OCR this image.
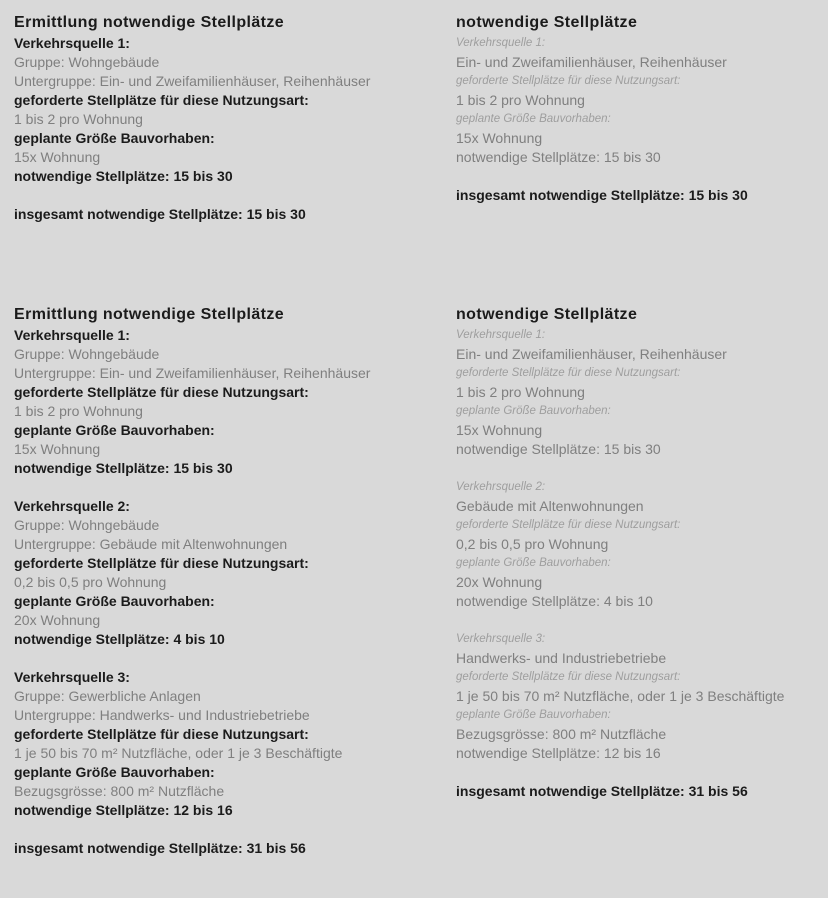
Ermittlung notwendige Stellplätze
Verkehrsquelle 1:
Gruppe: Wohngebäude
Untergruppe: Ein- und Zweifamilienhäuser, Reihenhäuser
geforderte Stellplätze für diese Nutzungsart:
1 bis 2 pro Wohnung
geplante Größe Bauvorhaben:
15x Wohnung
notwendige Stellplätze: 15 bis 30
insgesamt notwendige Stellplätze: 15 bis 30
notwendige Stellplätze
Verkehrsquelle 1:
Ein- und Zweifamilienhäuser, Reihenhäuser
geforderte Stellplätze für diese Nutzungsart:
1 bis 2 pro Wohnung
geplante Größe Bauvorhaben:
15x Wohnung
notwendige Stellplätze: 15 bis 30
insgesamt notwendige Stellplätze: 15 bis 30
Ermittlung notwendige Stellplätze
Verkehrsquelle 1:
Gruppe: Wohngebäude
Untergruppe: Ein- und Zweifamilienhäuser, Reihenhäuser
geforderte Stellplätze für diese Nutzungsart:
1 bis 2 pro Wohnung
geplante Größe Bauvorhaben:
15x Wohnung
notwendige Stellplätze: 15 bis 30
Verkehrsquelle 2:
Gruppe: Wohngebäude
Untergruppe: Gebäude mit Altenwohnungen
geforderte Stellplätze für diese Nutzungsart:
0,2 bis 0,5 pro Wohnung
geplante Größe Bauvorhaben:
20x Wohnung
notwendige Stellplätze: 4 bis 10
Verkehrsquelle 3:
Gruppe: Gewerbliche Anlagen
Untergruppe: Handwerks- und Industriebetriebe
geforderte Stellplätze für diese Nutzungsart:
1 je 50 bis 70 m² Nutzfläche, oder 1 je 3 Beschäftigte
geplante Größe Bauvorhaben:
Bezugsgrösse: 800 m² Nutzfläche
notwendige Stellplätze: 12 bis 16
insgesamt notwendige Stellplätze: 31 bis 56
notwendige Stellplätze
Verkehrsquelle 1:
Ein- und Zweifamilienhäuser, Reihenhäuser
geforderte Stellplätze für diese Nutzungsart:
1 bis 2 pro Wohnung
geplante Größe Bauvorhaben:
15x Wohnung
notwendige Stellplätze: 15 bis 30
Verkehrsquelle 2:
Gebäude mit Altenwohnungen
geforderte Stellplätze für diese Nutzungsart:
0,2 bis 0,5 pro Wohnung
geplante Größe Bauvorhaben:
20x Wohnung
notwendige Stellplätze: 4 bis 10
Verkehrsquelle 3:
Handwerks- und Industriebetriebe
geforderte Stellplätze für diese Nutzungsart:
1 je 50 bis 70 m² Nutzfläche, oder 1 je 3 Beschäftigte
geplante Größe Bauvorhaben:
Bezugsgrösse: 800 m² Nutzfläche
notwendige Stellplätze: 12 bis 16
insgesamt notwendige Stellplätze: 31 bis 56
